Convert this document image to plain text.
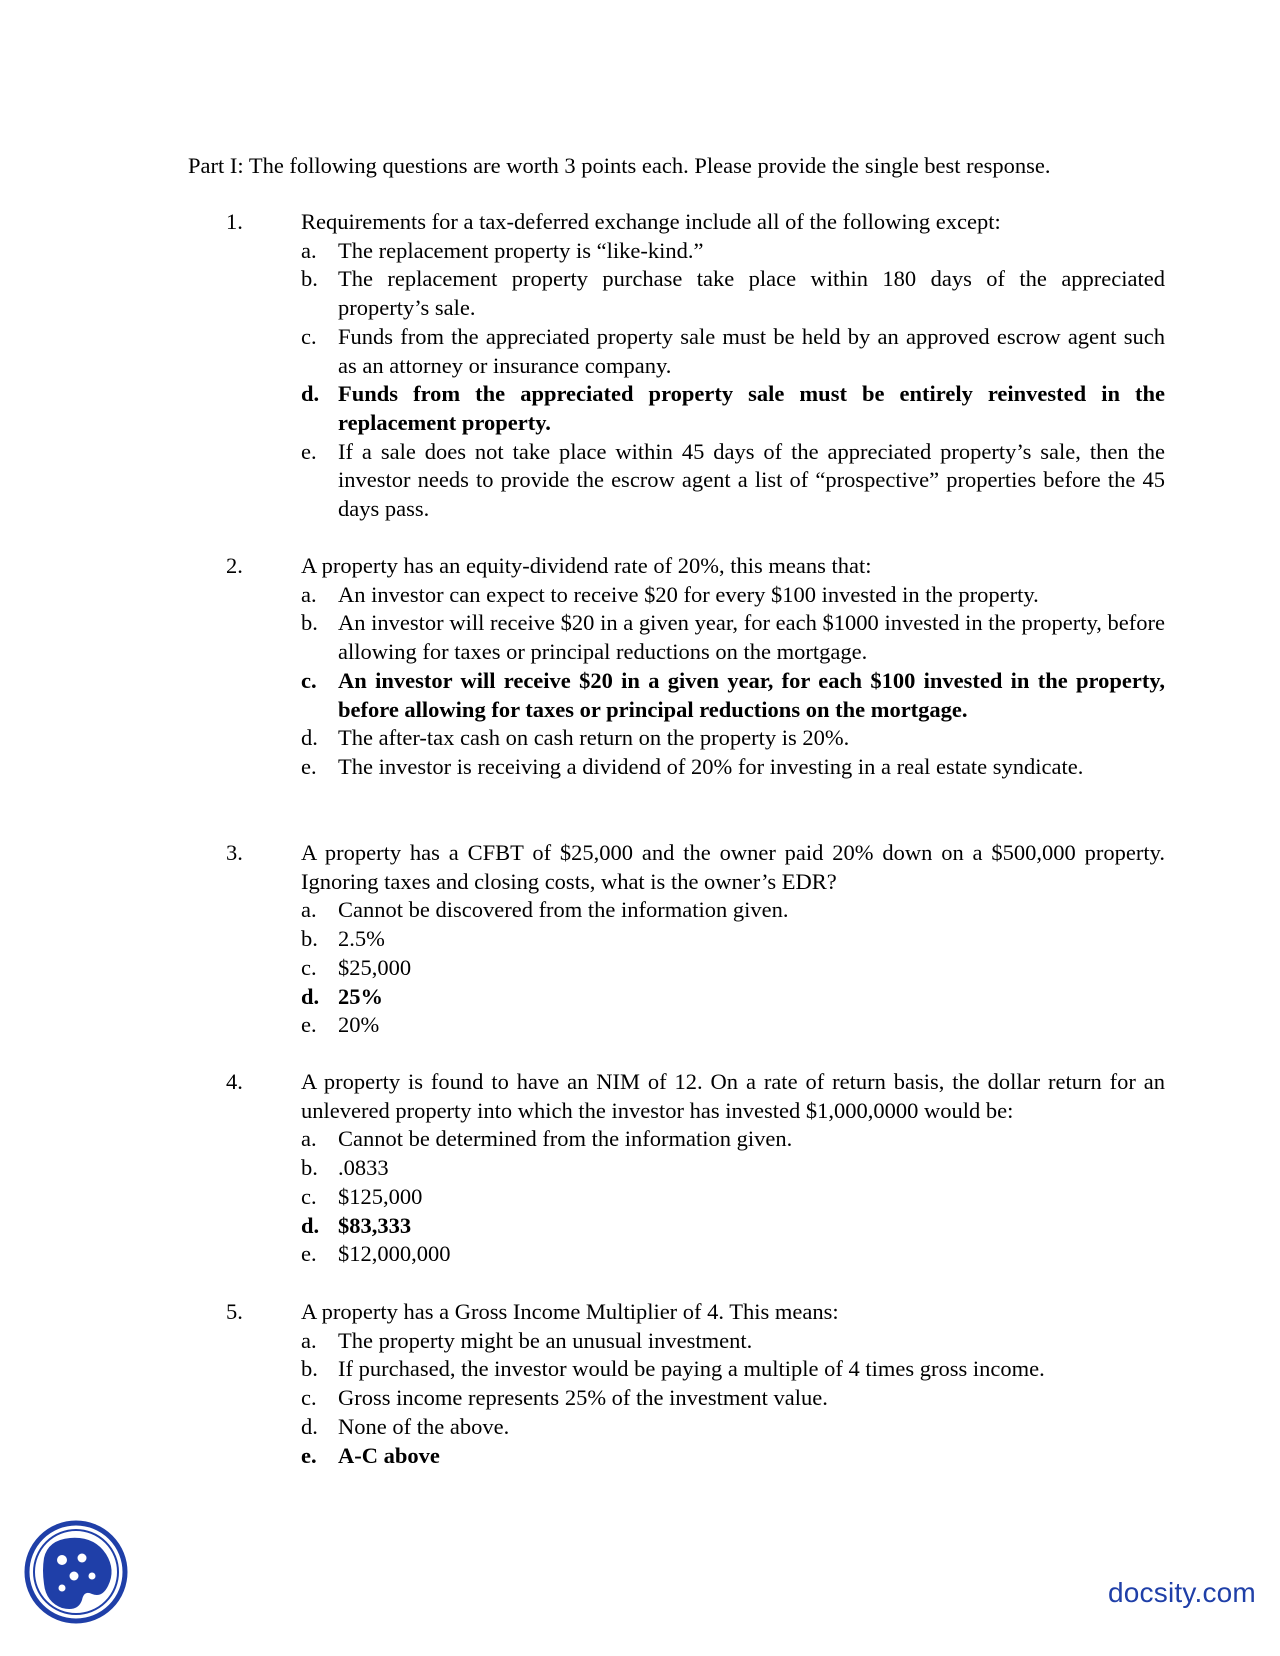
Part I: The following questions are worth 3 points each. Please provide the single best response.
1.	Requirements for a tax-deferred exchange include all of the following except:
a. The replacement property is “like-kind.”
b. The replacement property purchase take place within 180 days of the appreciated property’s sale.
c. Funds from the appreciated property sale must be held by an approved escrow agent such as an attorney or insurance company.
d. Funds from the appreciated property sale must be entirely reinvested in the replacement property.
e. If a sale does not take place within 45 days of the appreciated property’s sale, then the investor needs to provide the escrow agent a list of “prospective” properties before the 45 days pass.
2.	A property has an equity-dividend rate of 20%, this means that:
a. An investor can expect to receive $20 for every $100 invested in the property.
b. An investor will receive $20 in a given year, for each $1000 invested in the property, before allowing for taxes or principal reductions on the mortgage.
c. An investor will receive $20 in a given year, for each $100 invested in the property, before allowing for taxes or principal reductions on the mortgage.
d. The after-tax cash on cash return on the property is 20%.
e. The investor is receiving a dividend of 20% for investing in a real estate syndicate.
3.	A property has a CFBT of $25,000 and the owner paid 20% down on a $500,000 property. Ignoring taxes and closing costs, what is the owner’s EDR?
a. Cannot be discovered from the information given.
b. 2.5%
c. $25,000
d. 25%
e. 20%
4.	A property is found to have an NIM of 12. On a rate of return basis, the dollar return for an unlevered property into which the investor has invested $1,000,0000 would be:
a. Cannot be determined from the information given.
b. .0833
c. $125,000
d. $83,333
e. $12,000,000
5.	A property has a Gross Income Multiplier of 4. This means:
a. The property might be an unusual investment.
b. If purchased, the investor would be paying a multiple of 4 times gross income.
c. Gross income represents 25% of the investment value.
d. None of the above.
e. A-C above
docsity.com
